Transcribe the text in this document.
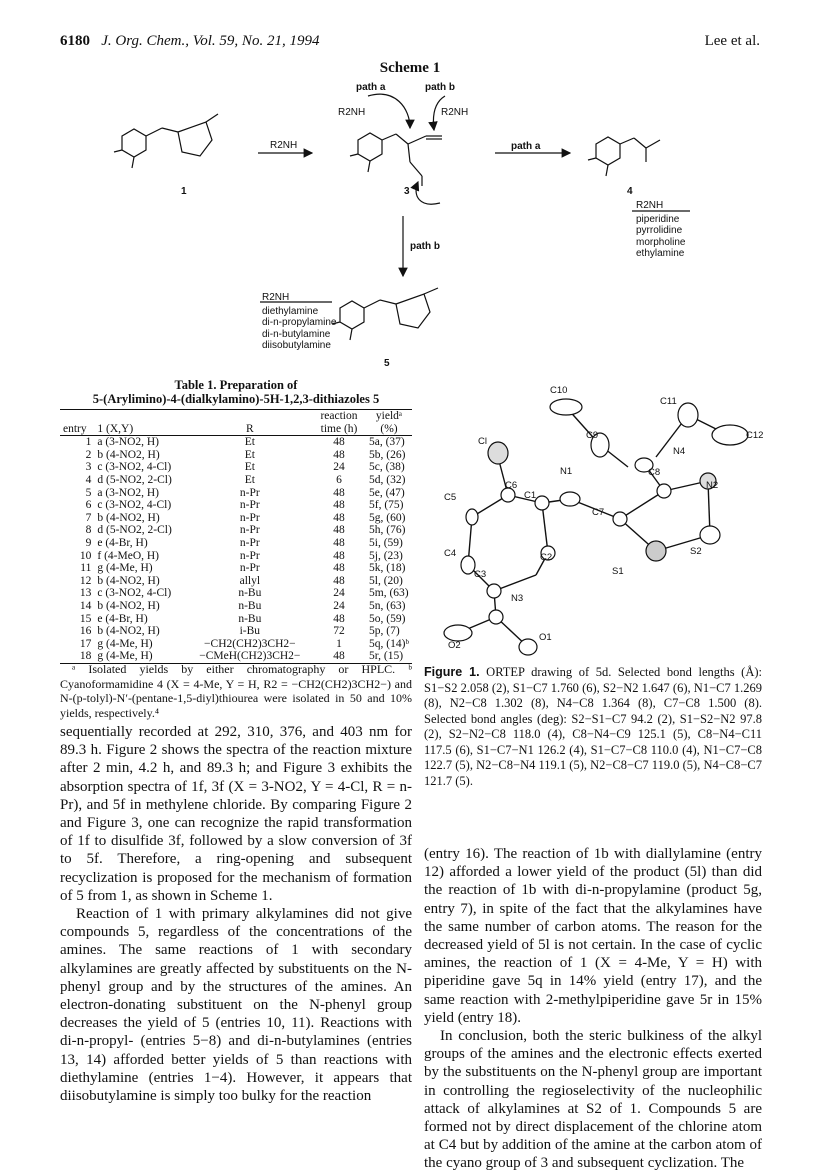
6180 J. Org. Chem., Vol. 59, No. 21, 1994	Lee et al.
Scheme 1
path a	path b
R2NH	R2NH
R2NH	path a
path b
1	3	4
5
R2NH
piperidine
pyrrolidine
morpholine
ethylamine
R2NH
diethylamine
di-n-propylamine
di-n-butylamine
diisobutylamine
Table 1. Preparation of
5-(Arylimino)-4-(dialkylamino)-5H-1,2,3-dithiazoles 5
entry	1 (X,Y)	R	reaction time (h)	yieldᵃ (%)
1	a (3-NO2, H)	Et	48	5a, (37)
2	b (4-NO2, H)	Et	48	5b, (26)
3	c (3-NO2, 4-Cl)	Et	24	5c, (38)
4	d (5-NO2, 2-Cl)	Et	6	5d, (32)
5	a (3-NO2, H)	n-Pr	48	5e, (47)
6	c (3-NO2, 4-Cl)	n-Pr	48	5f, (75)
7	b (4-NO2, H)	n-Pr	48	5g, (60)
8	d (5-NO2, 2-Cl)	n-Pr	48	5h, (76)
9	e (4-Br, H)	n-Pr	48	5i, (59)
10	f (4-MeO, H)	n-Pr	48	5j, (23)
11	g (4-Me, H)	n-Pr	48	5k, (18)
12	b (4-NO2, H)	allyl	48	5l, (20)
13	c (3-NO2, 4-Cl)	n-Bu	24	5m, (63)
14	b (4-NO2, H)	n-Bu	24	5n, (63)
15	e (4-Br, H)	n-Bu	48	5o, (59)
16	b (4-NO2, H)	i-Bu	72	5p, (7)
17	g (4-Me, H)	−CH2(CH2)3CH2−	1	5q, (14)ᵇ
18	g (4-Me, H)	−CMeH(CH2)3CH2−	48	5r, (15)
ᵃ Isolated yields by either chromatography or HPLC. ᵇ Cyanoformamidine 4 (X = 4-Me, Y = H, R2 = −CH2(CH2)3CH2−) and N-(p-tolyl)-N′-(pentane-1,5-diyl)thiourea were isolated in 50 and 10% yields, respectively.⁴
C10
C11
C12
C9
N4
Cl
C8
N1
N2
C6
C1
C5
C7
C4	C2
S1
S2
C3
N3
O2
O1
Figure 1. ORTEP drawing of 5d. Selected bond lengths (Å): S1−S2 2.058 (2), S1−C7 1.760 (6), S2−N2 1.647 (6), N1−C7 1.269 (8), N2−C8 1.302 (8), N4−C8 1.364 (8), C7−C8 1.500 (8). Selected bond angles (deg): S2−S1−C7 94.2 (2), S1−S2−N2 97.8 (2), S2−N2−C8 118.0 (4), C8−N4−C9 125.1 (5), C8−N4−C11 117.5 (6), S1−C7−N1 126.2 (4), S1−C7−C8 110.0 (4), N1−C7−C8 122.7 (5), N2−C8−N4 119.1 (5), N2−C8−C7 119.0 (5), N4−C8−C7 121.7 (5).

sequentially recorded at 292, 310, 376, and 403 nm for 89.3 h. Figure 2 shows the spectra of the reaction mixture after 2 min, 4.2 h, and 89.3 h; and Figure 3 exhibits the absorption spectra of 1f, 3f (X = 3-NO2, Y = 4-Cl, R = n-Pr), and 5f in methylene chloride. By comparing Figure 2 and Figure 3, one can recognize the rapid transformation of 1f to disulfide 3f, followed by a slow conversion of 3f to 5f. Therefore, a ring-opening and subsequent recyclization is proposed for the mechanism of formation of 5 from 1, as shown in Scheme 1.

Reaction of 1 with primary alkylamines did not give compounds 5, regardless of the concentrations of the amines. The same reactions of 1 with secondary alkylamines are greatly affected by substituents on the N-phenyl group and by the structures of the amines. An electron-donating substituent on the N-phenyl group decreases the yield of 5 (entries 10, 11). Reactions with di-n-propyl- (entries 5−8) and di-n-butylamines (entries 13, 14) afforded better yields of 5 than reactions with diethylamine (entries 1−4). However, it appears that diisobutylamine is simply too bulky for the reaction

(entry 16). The reaction of 1b with diallylamine (entry 12) afforded a lower yield of the product (5l) than did the reaction of 1b with di-n-propylamine (product 5g, entry 7), in spite of the fact that the alkylamines have the same number of carbon atoms. The reason for the decreased yield of 5l is not certain. In the case of cyclic amines, the reaction of 1 (X = 4-Me, Y = H) with piperidine gave 5q in 14% yield (entry 17), and the same reaction with 2-methylpiperidine gave 5r in 15% yield (entry 18).

In conclusion, both the steric bulkiness of the alkyl groups of the amines and the electronic effects exerted by the substituents on the N-phenyl group are important in controlling the regioselectivity of the nucleophilic attack of alkylamines at S2 of 1. Compounds 5 are formed not by direct displacement of the chlorine atom at C4 but by addition of the amine at the carbon atom of the cyano group of 3 and subsequent cyclization. The
